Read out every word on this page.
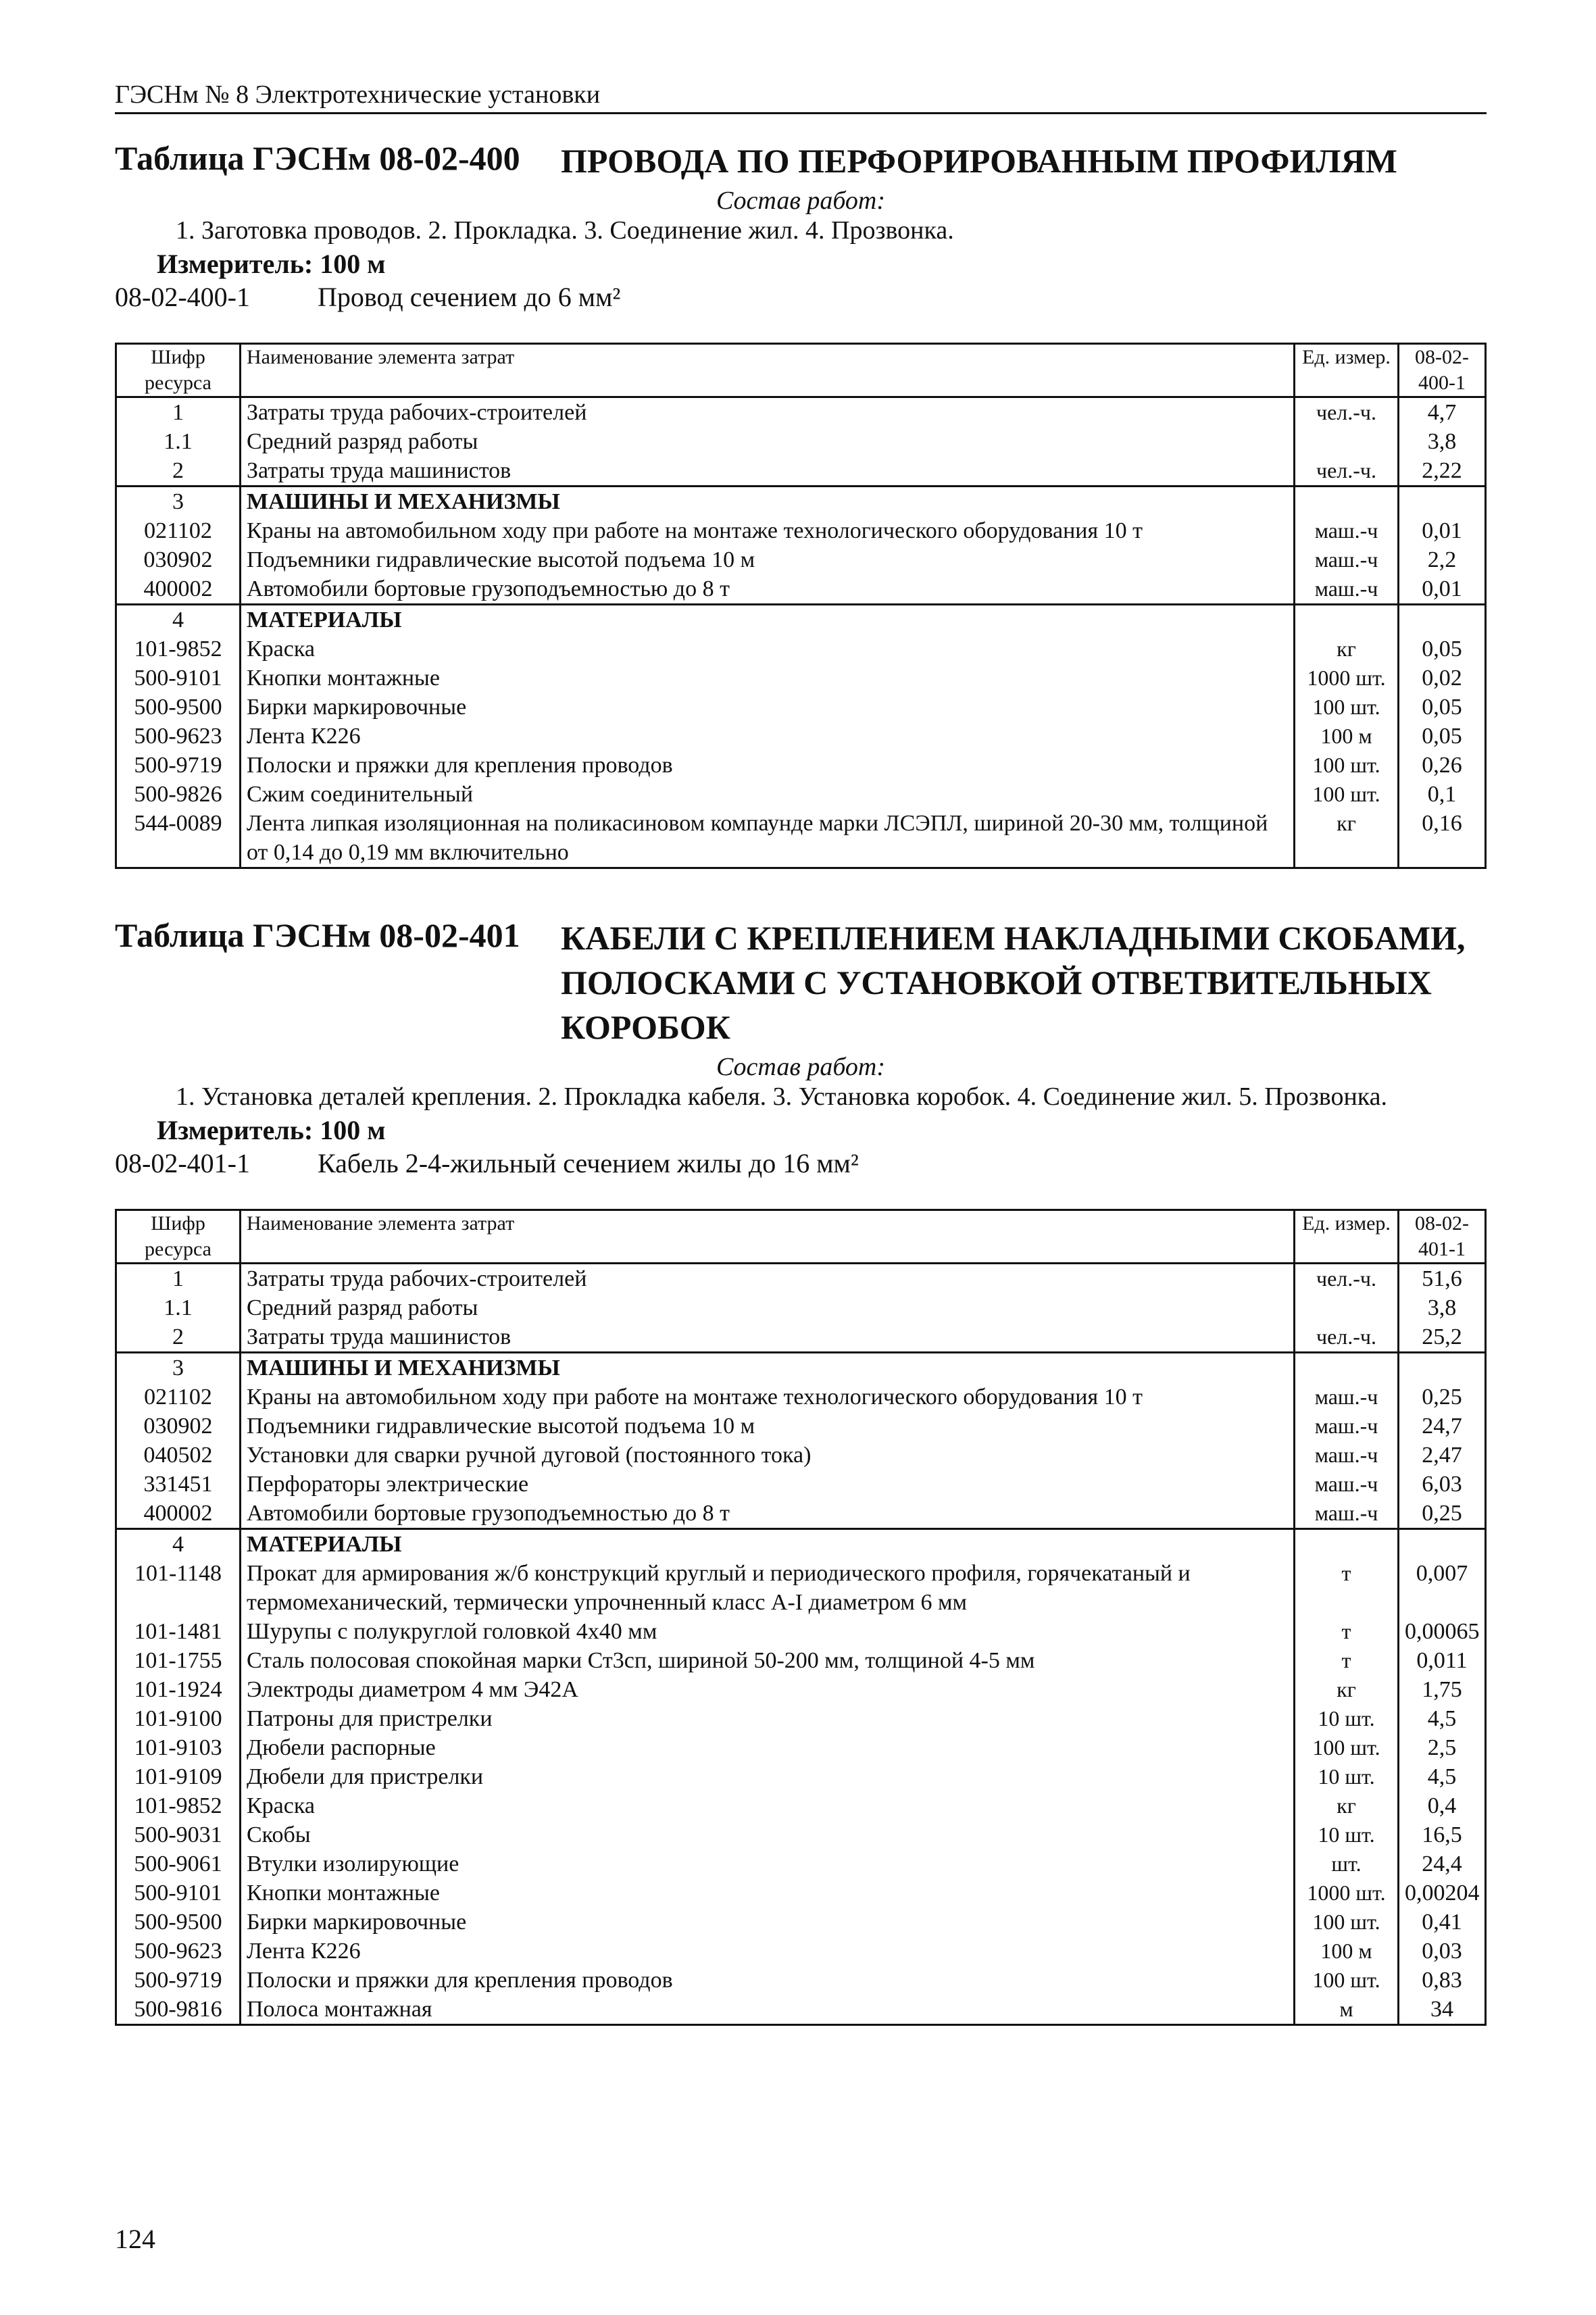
ГЭСНм № 8 Электротехнические установки
Таблица ГЭСНм 08-02-400	ПРОВОДА ПО ПЕРФОРИРОВАННЫМ ПРОФИЛЯМ
Состав работ:
1. Заготовка проводов. 2. Прокладка. 3. Соединение жил. 4. Прозвонка.
Измеритель: 100 м
08-02-400-1	Провод сечением до 6 мм²
Шифр ресурса	Наименование элемента затрат	Ед. измер.	08-02-400-1
1	Затраты труда рабочих-строителей	чел.-ч.	4,7
1.1	Средний разряд работы		3,8
2	Затраты труда машинистов	чел.-ч.	2,22
3	МАШИНЫ И МЕХАНИЗМЫ		
021102	Краны на автомобильном ходу при работе на монтаже технологического оборудования 10 т	маш.-ч	0,01
030902	Подъемники гидравлические высотой подъема 10 м	маш.-ч	2,2
400002	Автомобили бортовые грузоподъемностью до 8 т	маш.-ч	0,01
4	МАТЕРИАЛЫ		
101-9852	Краска	кг	0,05
500-9101	Кнопки монтажные	1000 шт.	0,02
500-9500	Бирки маркировочные	100 шт.	0,05
500-9623	Лента К226	100 м	0,05
500-9719	Полоски и пряжки для крепления проводов	100 шт.	0,26
500-9826	Сжим соединительный	100 шт.	0,1
544-0089	Лента липкая изоляционная на поликасиновом компаунде марки ЛСЭПЛ, шириной 20-30 мм, толщиной от 0,14 до 0,19 мм включительно	кг	0,16
Таблица ГЭСНм 08-02-401	КАБЕЛИ С КРЕПЛЕНИЕМ НАКЛАДНЫМИ СКОБАМИ, ПОЛОСКАМИ С УСТАНОВКОЙ ОТВЕТВИТЕЛЬНЫХ КОРОБОК
Состав работ:
1. Установка деталей крепления. 2. Прокладка кабеля. 3. Установка коробок. 4. Соединение жил. 5. Прозвонка.
Измеритель: 100 м
08-02-401-1	Кабель 2-4-жильный сечением жилы до 16 мм²
Шифр ресурса	Наименование элемента затрат	Ед. измер.	08-02-401-1
1	Затраты труда рабочих-строителей	чел.-ч.	51,6
1.1	Средний разряд работы		3,8
2	Затраты труда машинистов	чел.-ч.	25,2
3	МАШИНЫ И МЕХАНИЗМЫ		
021102	Краны на автомобильном ходу при работе на монтаже технологического оборудования 10 т	маш.-ч	0,25
030902	Подъемники гидравлические высотой подъема 10 м	маш.-ч	24,7
040502	Установки для сварки ручной дуговой (постоянного тока)	маш.-ч	2,47
331451	Перфораторы электрические	маш.-ч	6,03
400002	Автомобили бортовые грузоподъемностью до 8 т	маш.-ч	0,25
4	МАТЕРИАЛЫ		
101-1148	Прокат для армирования ж/б конструкций круглый и периодического профиля, горячекатаный и термомеханический, термически упрочненный класс А-I диаметром 6 мм	т	0,007
101-1481	Шурупы с полукруглой головкой 4х40 мм	т	0,00065
101-1755	Сталь полосовая спокойная марки Ст3сп, шириной 50-200 мм, толщиной 4-5 мм	т	0,011
101-1924	Электроды диаметром 4 мм Э42А	кг	1,75
101-9100	Патроны для пристрелки	10 шт.	4,5
101-9103	Дюбели распорные	100 шт.	2,5
101-9109	Дюбели для пристрелки	10 шт.	4,5
101-9852	Краска	кг	0,4
500-9031	Скобы	10 шт.	16,5
500-9061	Втулки изолирующие	шт.	24,4
500-9101	Кнопки монтажные	1000 шт.	0,00204
500-9500	Бирки маркировочные	100 шт.	0,41
500-9623	Лента К226	100 м	0,03
500-9719	Полоски и пряжки для крепления проводов	100 шт.	0,83
500-9816	Полоса монтажная	м	34
124
